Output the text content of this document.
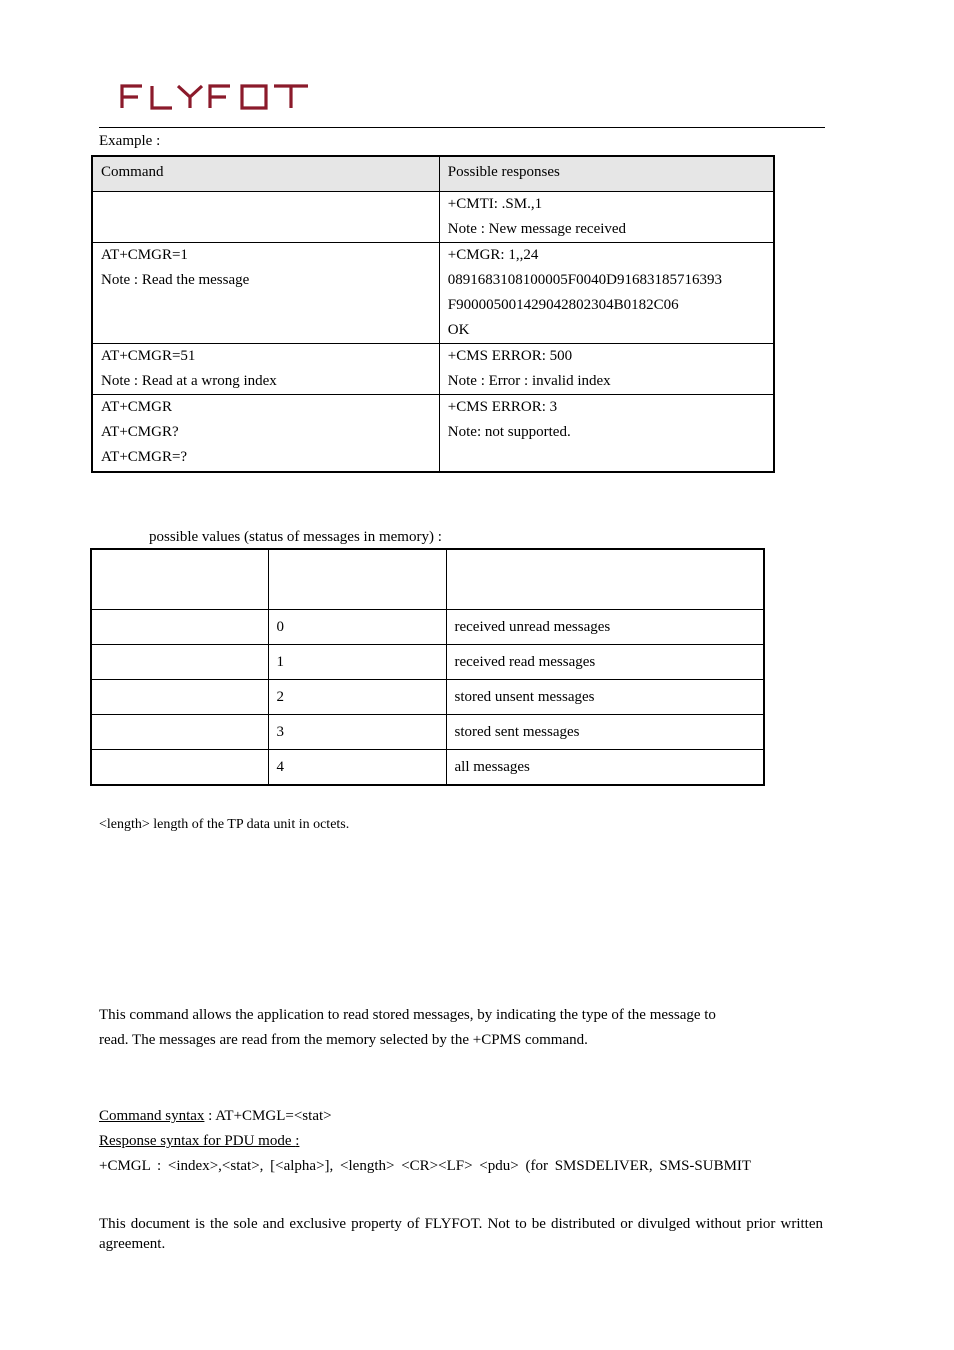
FLYFOT
Example :
Command	Possible responses

	+CMTI: .SM.,1
Note : New message received

AT+CMGR=1
Note : Read the message	+CMGR: 1,,24
0891683108100005F0040D91683185716393
F90000500142904280230​4B0182C06
OK

AT+CMGR=51
Note : Read at a wrong index	+CMS ERROR: 500
Note : Error : invalid index

AT+CMGR
AT+CMGR?
AT+CMGR=?	+CMS ERROR: 3
Note: not supported.
possible values (status of messages in memory) :

	0	received unread messages
	1	received read messages
	2	stored unsent messages
	3	stored sent messages
	4	all messages
<length> length of the TP data unit in octets.
This command allows the application to read stored messages, by indicating the type of the message to
read. The messages are read from the memory selected by the +CPMS command.
Command syntax : AT+CMGL=<stat>
Response syntax for PDU mode :
+CMGL : <index>,<stat>, [<alpha>], <length> <CR><LF> <pdu> (for SMSDELIVER, SMS-SUBMIT
This document is the sole and exclusive property of FLYFOT. Not to be distributed or divulged without prior written agreement.
